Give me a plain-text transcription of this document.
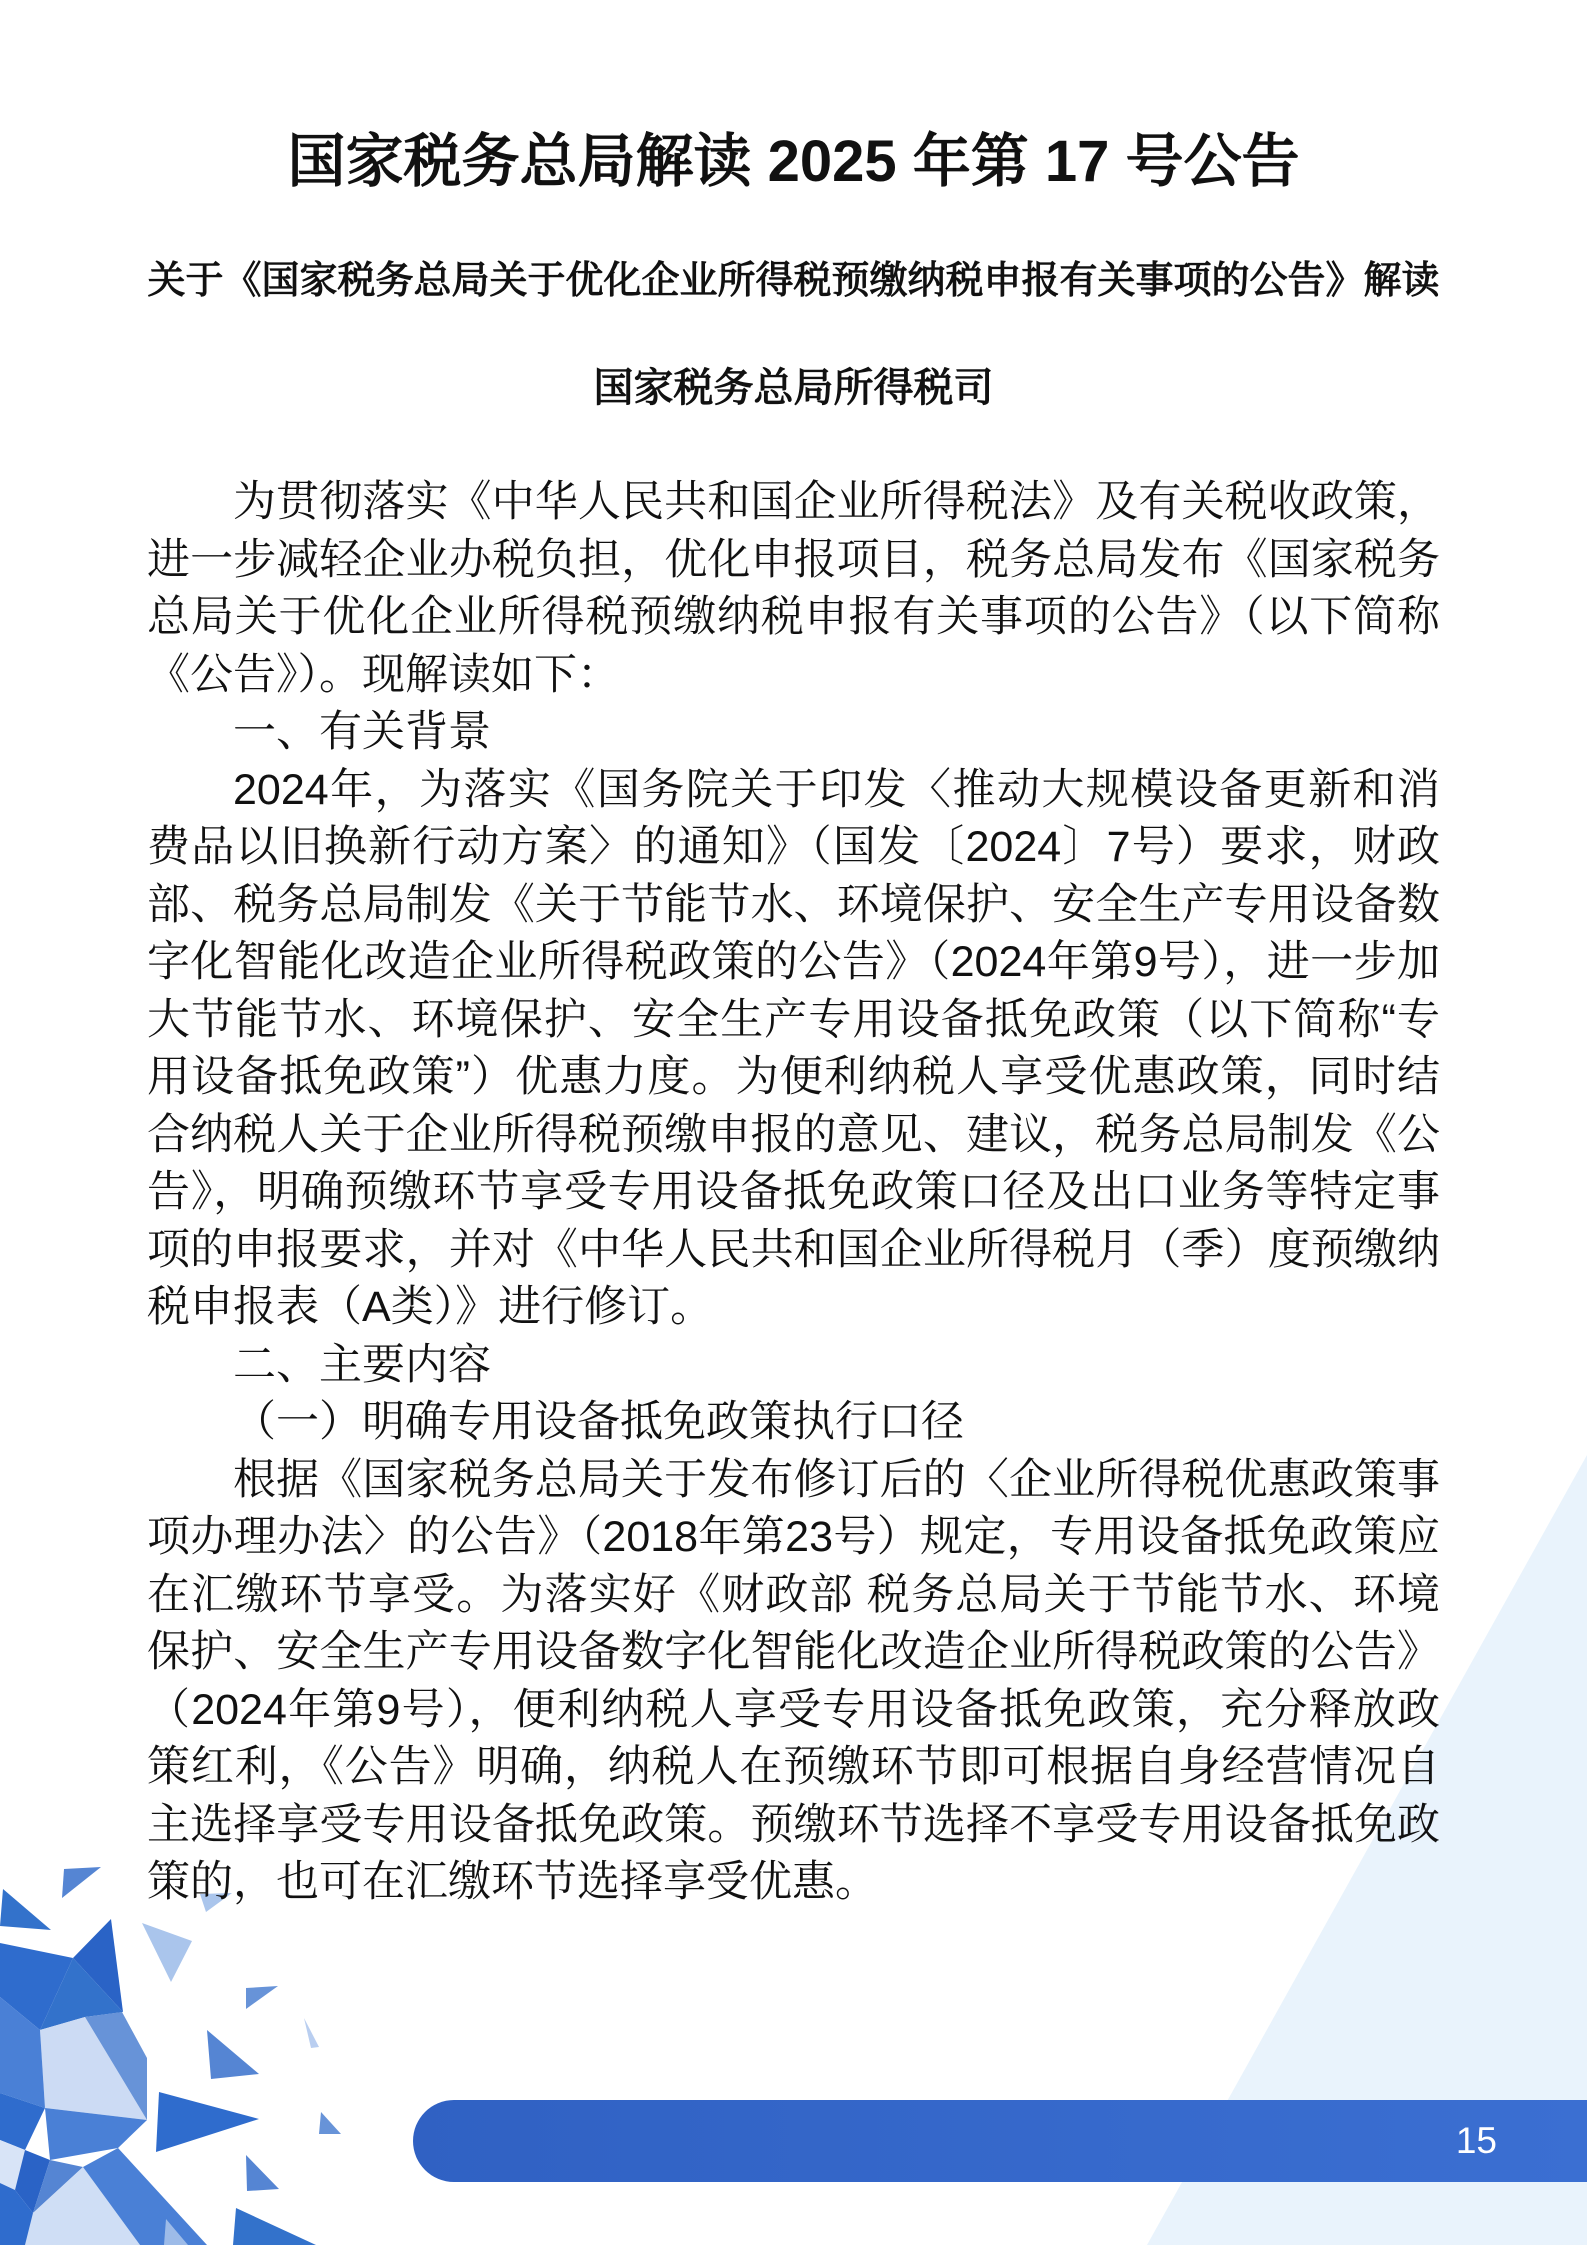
国家税务总局解读 2025 年第 17 号公告
关于《国家税务总局关于优化企业所得税预缴纳税申报有关事项的公告》解读
国家税务总局所得税司

为贯彻落实《中华人民共和国企业所得税法》及有关税收政策，进一步减轻企业办税负担，优化申报项目，税务总局发布《国家税务总局关于优化企业所得税预缴纳税申报有关事项的公告》（以下简称《公告》）。现解读如下：

一、有关背景

2024年，为落实《国务院关于印发〈推动大规模设备更新和消费品以旧换新行动方案〉的通知》（国发〔2024〕7号）要求，财政部、税务总局制发《关于节能节水、环境保护、安全生产专用设备数字化智能化改造企业所得税政策的公告》（2024年第9号），进一步加大节能节水、环境保护、安全生产专用设备抵免政策（以下简称“专用设备抵免政策”）优惠力度。为便利纳税人享受优惠政策，同时结合纳税人关于企业所得税预缴申报的意见、建议，税务总局制发《公告》，明确预缴环节享受专用设备抵免政策口径及出口业务等特定事项的申报要求，并对《中华人民共和国企业所得税月（季）度预缴纳税申报表（A类）》进行修订。

二、主要内容

（一）明确专用设备抵免政策执行口径

根据《国家税务总局关于发布修订后的〈企业所得税优惠政策事项办理办法〉的公告》（2018年第23号）规定，专用设备抵免政策应在汇缴环节享受。为落实好《财政部 税务总局关于节能节水、环境保护、安全生产专用设备数字化智能化改造企业所得税政策的公告》（2024年第9号），便利纳税人享受专用设备抵免政策，充分释放政策红利，《公告》明确，纳税人在预缴环节即可根据自身经营情况自主选择享受专用设备抵免政策。预缴环节选择不享受专用设备抵免政策的，也可在汇缴环节选择享受优惠。

15
